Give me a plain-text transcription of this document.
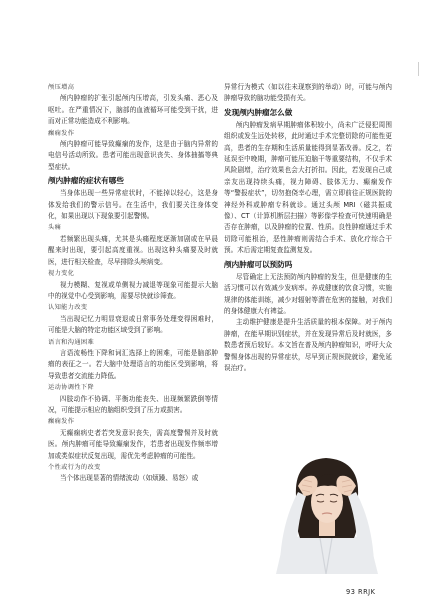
颅压增高

颅内肿瘤的扩张引起颅内压增高，引发头痛、恶心及呕吐。在严重情况下，脑部的血液循环可能受到干扰，进而对正常功能造成不利影响。

癫痫发作

颅内肿瘤可能导致癫痫的发作，这是由于脑内异常的电信号活动所致。患者可能出现意识丧失、身体抽搐等典型症状。

颅内肿瘤的症状有哪些

当身体出现一些异常症状时，不能掉以轻心，这是身体发给我们的警示信号。在生活中，我们要关注身体变化，如果出现以下现象要引起警惕。

头痛

若频繁出现头痛，尤其是头痛程度逐渐加剧或在早晨醒来时出现，要引起高度重视。出现这种头痛要及时就医，进行相关检查，尽早排除头颅病变。

视力变化

视力模糊、复视或单侧视力减退等现象可能提示大脑中的视觉中心受到影响，需要尽快就诊筛查。

认知能力改变

当出现记忆力明显衰退或日常事务处理变得困难时，可能是大脑的特定功能区域受到了影响。

语言和沟通困难

言语流畅性下降和词汇选择上的困难，可能是脑部肿瘤的表征之一。若大脑中处理语言的功能区受到影响，将导致患者交流能力降低。

运动协调性下降

四肢动作不协调、平衡功能丧失、出现频繁跌倒等情况，可能提示相应的脑组织受到了压力或损害。

癫痫发作

无癫痫病史者若突发意识丧失，需高度警惕并及时就医。颅内肿瘤可能导致癫痫发作，若患者出现发作频率增加或类似症状反复出现，需优先考虑肿瘤的可能性。

个性或行为的改变

当个体出现显著的情绪波动（如烦躁、易怒）或

异常行为模式（如以往未现察到的举动）时，可能与颅内肿瘤导致的脑功能受损有关。

发现颅内肿瘤怎么做

颅内肿瘤发病早期肿瘤体积较小，尚未广泛侵犯周围组织或发生远处转移，此时通过手术完整切除的可能性更高，患者的生存期和生活质量能得到显著改善。反之，若延误至中晚期，肿瘤可能压迫脑干等重要结构，不仅手术风险剧增，治疗效果也会大打折扣。因此，若发现自己或亲友出现持续头痛，视力障碍、肢体无力、癫痫发作等“警报症状”，切勿抱侥幸心理，需立即前往正规医院的神经外科或肿瘤专科就诊。通过头颅 MRI（磁共振成像）、CT（计算机断层扫描）等影像学检查可快速明确是否存在肿瘤，以及肿瘤的位置、性质。良性肿瘤通过手术切除可能根治，恶性肿瘤则需结合手术、放化疗综合干预。术后需定期复查监测复发。

颅内肿瘤可以预防吗

尽管确定上无法预防颅内肿瘤的发生，但是健康的生活习惯可以有效减少发病率。养成健康的饮食习惯，实施规律的体能训练，减少对辐射等潜在危害的接触，对我们的身体健康大有裨益。

主动维护健康是提升生活质量的根本保障。对于颅内肿瘤，在能早期识别症状，并在发现异常后及时就医，多数患者预后较好。本文旨在普及颅内肿瘤知识，呼吁大众警惕身体出现的异常症状，尽早到正规医院就诊，避免延误治疗。

93 RRJK
